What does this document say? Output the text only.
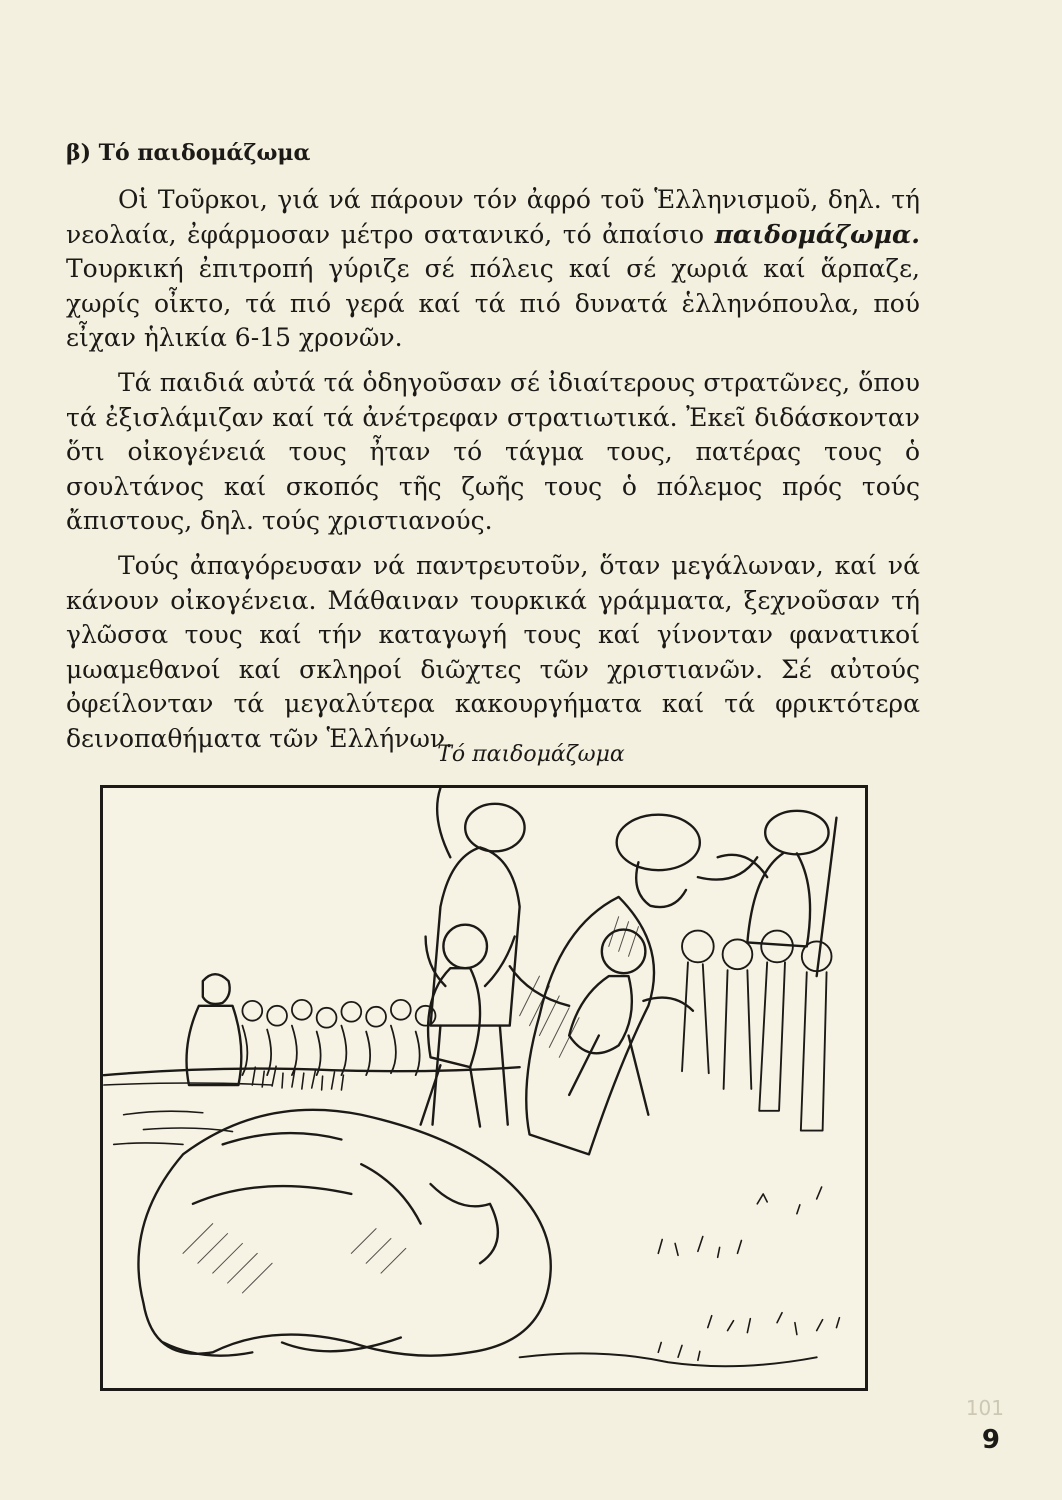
β) Τό παιδομάζωμα

Οἱ Τοῦρκοι, γιά νά πάρουν τόν ἀφρό τοῦ Ἑλληνισμοῦ, δηλ. τή νεολαία, ἐφάρμοσαν μέτρο σατανικό, τό ἀπαίσιο παιδομάζωμα. Τουρκική ἐπιτροπή γύριζε σέ πόλεις καί σέ χωριά καί ἅρπαζε, χωρίς οἶκτο, τά πιό γερά καί τά πιό δυνατά ἑλληνόπουλα, πού εἶχαν ἡλικία 6-15 χρονῶν.

Τά παιδιά αὐτά τά ὁδηγοῦσαν σέ ἰδιαίτερους στρατῶνες, ὅπου τά ἐξισλάμιζαν καί τά ἀνέτρεφαν στρατιωτικά. Ἐκεῖ διδάσκονταν ὅτι οἰκογένειά τους ἦταν τό τάγμα τους, πατέρας τους ὁ σουλτάνος καί σκοπός τῆς ζωῆς τους ὁ πόλεμος πρός τούς ἄπιστους, δηλ. τούς χριστιανούς.

Τούς ἀπαγόρευσαν νά παντρευτοῦν, ὅταν μεγάλωναν, καί νά κάνουν οἰκογένεια. Μάθαιναν τουρκικά γράμματα, ξεχνοῦσαν τή γλῶσσα τους καί τήν καταγωγή τους καί γίνονταν φανατικοί μωαμεθανοί καί σκληροί διῶχτες τῶν χριστιανῶν. Σέ αὐτούς ὀφείλονταν τά μεγαλύτερα κακουργήματα καί τά φρικτότερα δεινοπαθήματα τῶν Ἑλλήνων.

Τό παιδομάζωμα
101
9
